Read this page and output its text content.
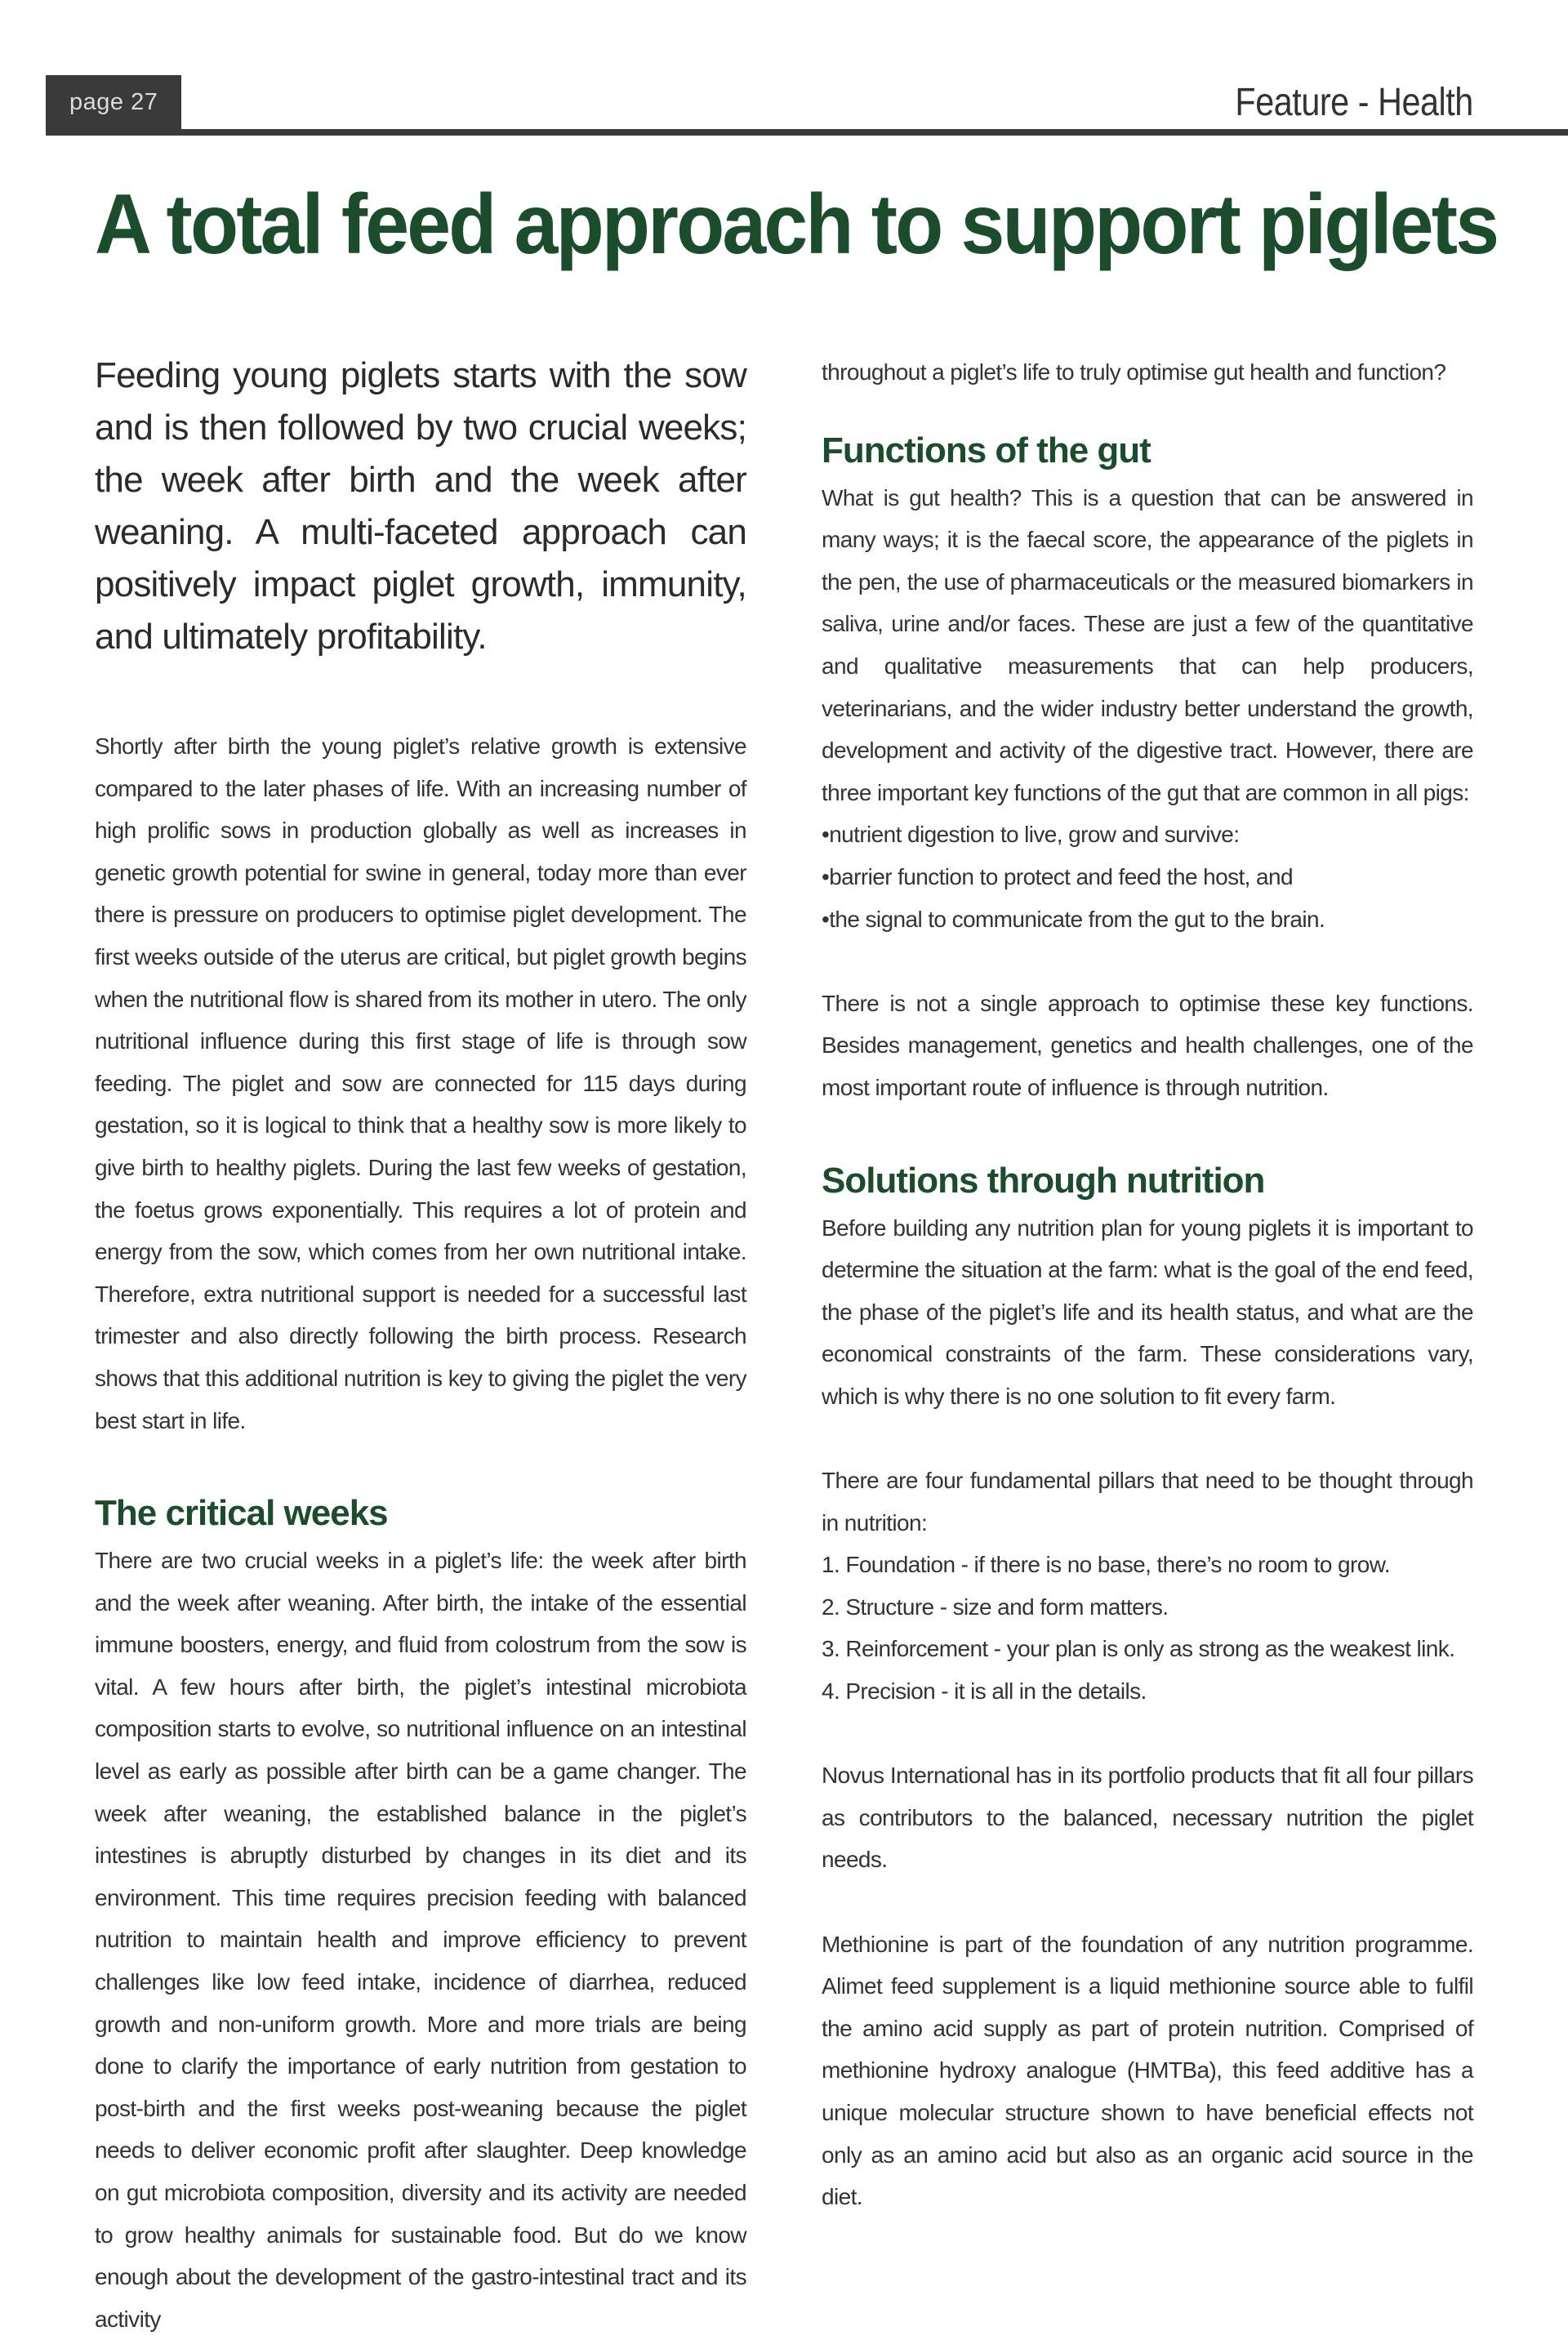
page 27	Feature - Health
A total feed approach to support piglets

Feeding young piglets starts with the sow and is then followed by two crucial weeks; the week after birth and the week after weaning. A multi-faceted approach can positively impact piglet growth, immunity, and ultimately profitability.

Shortly after birth the young piglet’s relative growth is extensive compared to the later phases of life. With an increasing number of high prolific sows in production globally as well as increases in genetic growth potential for swine in general, today more than ever there is pressure on producers to optimise piglet development. The first weeks outside of the uterus are critical, but piglet growth begins when the nutritional flow is shared from its mother in utero. The only nutritional influence during this first stage of life is through sow feeding. The piglet and sow are connected for 115 days during gestation, so it is logical to think that a healthy sow is more likely to give birth to healthy piglets. During the last few weeks of gestation, the foetus grows exponentially. This requires a lot of protein and energy from the sow, which comes from her own nutritional intake. Therefore, extra nutritional support is needed for a successful last trimester and also directly following the birth process. Research shows that this additional nutrition is key to giving the piglet the very best start in life.

The critical weeks

There are two crucial weeks in a piglet’s life: the week after birth and the week after weaning. After birth, the intake of the essential immune boosters, energy, and fluid from colostrum from the sow is vital. A few hours after birth, the piglet’s intestinal microbiota composition starts to evolve, so nutritional influence on an intestinal level as early as possible after birth can be a game changer. The week after weaning, the established balance in the piglet’s intestines is abruptly disturbed by changes in its diet and its environment. This time requires precision feeding with balanced nutrition to maintain health and improve efficiency to prevent challenges like low feed intake, incidence of diarrhea, reduced growth and non-uniform growth. More and more trials are being done to clarify the importance of early nutrition from gestation to post-birth and the first weeks post-weaning because the piglet needs to deliver economic profit after slaughter. Deep knowledge on gut microbiota composition, diversity and its activity are needed to grow healthy animals for sustainable food. But do we know enough about the development of the gastro-intestinal tract and its activity

throughout a piglet’s life to truly optimise gut health and function?

Functions of the gut

What is gut health? This is a question that can be answered in many ways; it is the faecal score, the appearance of the piglets in the pen, the use of pharmaceuticals or the measured biomarkers in saliva, urine and/or faces. These are just a few of the quantitative and qualitative measurements that can help producers, veterinarians, and the wider industry better understand the growth, development and activity of the digestive tract. However, there are three important key functions of the gut that are common in all pigs:

• nutrient digestion to live, grow and survive:
• barrier function to protect and feed the host, and
• the signal to communicate from the gut to the brain.

There is not a single approach to optimise these key functions. Besides management, genetics and health challenges, one of the most important route of influence is through nutrition.

Solutions through nutrition

Before building any nutrition plan for young piglets it is important to determine the situation at the farm: what is the goal of the end feed, the phase of the piglet’s life and its health status, and what are the economical constraints of the farm. These considerations vary, which is why there is no one solution to fit every farm.

There are four fundamental pillars that need to be thought through in nutrition:

1. Foundation - if there is no base, there’s no room to grow.
2. Structure - size and form matters.
3. Reinforcement - your plan is only as strong as the weakest link.
4. Precision - it is all in the details.

Novus International has in its portfolio products that fit all four pillars as contributors to the balanced, necessary nutrition the piglet needs.

Methionine is part of the foundation of any nutrition programme. Alimet feed supplement is a liquid methionine source able to fulfil the amino acid supply as part of protein nutrition. Comprised of methionine hydroxy analogue (HMTBa), this feed additive has a unique molecular structure shown to have beneficial effects not only as an amino acid but also as an organic acid source in the diet.
